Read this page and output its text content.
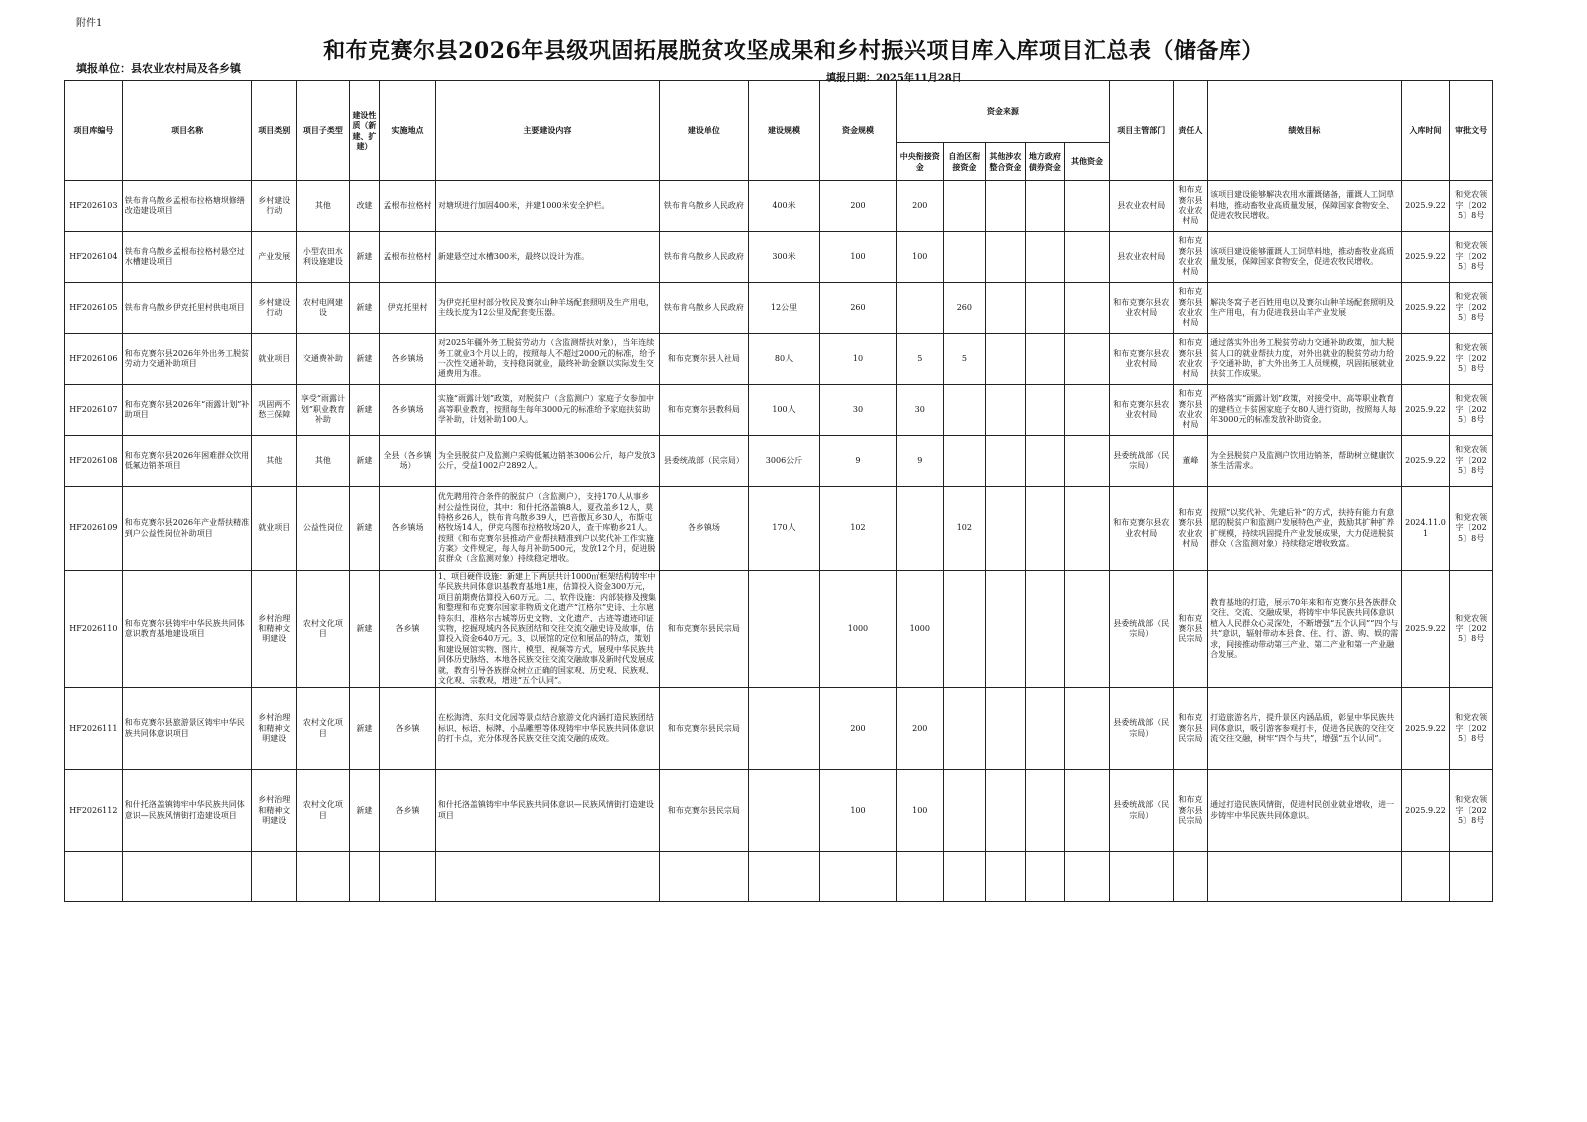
附件1
和布克赛尔县2026年县级巩固拓展脱贫攻坚成果和乡村振兴项目库入库项目汇总表（储备库）
填报单位：县农业农村局及各乡镇
填报日期：2025年11月28日
项目库编号	项目名称	项目类别	项目子类型	建设性质（新建、扩建）	实施地点	主要建设内容	建设单位	建设规模	资金规模	资金来源					项目主管部门	责任人	绩效目标	入库时间	审批文号
										中央衔接资金	自治区衔接资金	其他涉农整合资金	地方政府债券资金	其他资金					
HF2026103	铁布肯乌散乡孟根布拉格塘坝修缮改造建设项目	乡村建设行动	其他	改建	孟根布拉格村	对塘坝进行加固400米，并建1000米安全护栏。	铁布肯乌散乡人民政府	400米	200	200					县农业农村局	和布克赛尔县农业农村局	该项目建设能够解决农用水灌溉储备，灌溉人工饲草料地，推动畜牧业高质量发展，保障国家食物安全、促进农牧民增收。	2025.9.22	和党农领字〔2025〕8号
HF2026104	铁布肯乌散乡孟根布拉格村悬空过水槽建设项目	产业发展	小型农田水利设施建设	新建	孟根布拉格村	新建悬空过水槽300米，最终以设计为准。	铁布肯乌散乡人民政府	300米	100	100					县农业农村局	和布克赛尔县农业农村局	该项目建设能够灌溉人工饲草料地，推动畜牧业高质量发展，保障国家食物安全，促进农牧民增收。	2025.9.22	和党农领字〔2025〕8号
HF2026105	铁布肯乌散乡伊克托里村供电项目	乡村建设行动	农村电网建设	新建	伊克托里村	为伊克托里村部分牧民及赛尔山种羊场配套照明及生产用电，主线长度为12公里及配套变压器。	铁布肯乌散乡人民政府	12公里	260		260				和布克赛尔县农业农村局	和布克赛尔县农业农村局	解决冬窝子老百姓用电以及赛尔山种羊场配套照明及生产用电，有力促进我县山羊产业发展	2025.9.22	和党农领字〔2025〕8号
HF2026106	和布克赛尔县2026年外出务工脱贫劳动力交通补助项目	就业项目	交通费补助	新建	各乡镇场	对2025年疆外务工脱贫劳动力（含监测帮扶对象），当年连续务工就业3个月以上的，按照每人不超过2000元的标准，给予一次性交通补助，支持稳岗就业，最终补助金额以实际发生交通费用为准。	和布克赛尔县人社局	80人	10	5	5				和布克赛尔县农业农村局	和布克赛尔县农业农村局	通过落实外出务工脱贫劳动力交通补助政策，加大脱贫人口的就业帮扶力度，对外出就业的脱贫劳动力给予交通补助，扩大外出务工人员规模，巩固拓展就业扶贫工作成果。	2025.9.22	和党农领字〔2025〕8号
HF2026107	和布克赛尔县2026年“雨露计划”补助项目	巩固两不愁三保障	享受“雨露计划”职业教育补助	新建	各乡镇场	实施“雨露计划”政策，对脱贫户（含监测户）家庭子女参加中高等职业教育，按照每生每年3000元的标准给予家庭扶贫助学补助，计划补助100人。	和布克赛尔县教科局	100人	30	30					和布克赛尔县农业农村局	和布克赛尔县农业农村局	严格落实“雨露计划”政策，对接受中、高等职业教育的建档立卡贫困家庭子女80人进行资助，按照每人每年3000元的标准发放补助资金。	2025.9.22	和党农领字〔2025〕8号
HF2026108	和布克赛尔县2026年困难群众饮用低氟边销茶项目	其他	其他	新建	全县（各乡镇场）	为全县脱贫户及监测户采购低氟边销茶3006公斤，每户发放3公斤，受益1002户2892人。	县委统战部（民宗局）	3006公斤	9	9					县委统战部（民宗局）	董峰	为全县脱贫户及监测户饮用边销茶，帮助树立健康饮茶生活需求。	2025.9.22	和党农领字〔2025〕8号
HF2026109	和布克赛尔县2026年产业帮扶精准到户公益性岗位补助项目	就业项目	公益性岗位	新建	各乡镇场	优先聘用符合条件的脱贫户（含监测户），支持170人从事乡村公益性岗位，其中：和什托洛盖镇8人，夏孜盖乡12人，莫特格乡26人，铁布肯乌散乡39人，巴音傲瓦乡30人，布斯屯格牧场14人，伊克乌图布拉格牧场20人，查干库勒乡21人。按照《和布克赛尔县推动产业帮扶精准到户以奖代补工作实施方案》文件规定，每人每月补助500元，发放12个月，促进脱贫群众（含监测对象）持续稳定增收。	各乡镇场	170人	102		102				和布克赛尔县农业农村局	和布克赛尔县农业农村局	按照“以奖代补、先建后补”的方式，扶持有能力有意愿的脱贫户和监测户发展特色产业，鼓励其扩种扩养扩规模，持续巩固提升产业发展成果，大力促进脱贫群众（含监测对象）持续稳定增收致富。	2024.11.01	和党农领字〔2025〕8号
HF2026110	和布克赛尔县铸牢中华民族共同体意识教育基地建设项目	乡村治理和精神文明建设	农村文化项目	新建	各乡镇	1、项目硬件设施：新建上下两层共计1000㎡框架结构铸牢中华民族共同体意识基教育基地1座，估算投入资金300万元，项目前期费估算投入60万元。二、软件设施：内部装修及搜集和整理和布克赛尔国家非物质文化遗产“江格尔”史诗、土尔扈特东归、准格尔古城等历史文物、文化遗产、古迹等遗迹印证实物，挖掘现域内各民族团结和交往交流交融史诗及故事，估算投入资金640万元。3、以展馆的定位和展品的特点，策划和建设展馆实物、图片、模型、视频等方式，展现中华民族共同体历史脉络、本地各民族交往交流交融故事及新时代发展成就，教育引导各族群众树立正确的国家观、历史观、民族观、文化观、宗教观，增进“五个认同”。	和布克赛尔县民宗局		1000	1000					县委统战部（民宗局）	和布克赛尔县民宗局	教育基地的打造，展示70年来和布克赛尔县各族群众交往、交流、交融成果，将铸牢中华民族共同体意识植入人民群众心灵深处，不断增强“五个认同”“四个与共”意识，辐射带动本县食、住、行、游、购、娱的需求，间接推动带动第三产业、第二产业和第一产业融合发展。	2025.9.22	和党农领字〔2025〕8号
HF2026111	和布克赛尔县旅游景区铸牢中华民族共同体意识项目	乡村治理和精神文明建设	农村文化项目	新建	各乡镇	在松海湾、东归文化园等景点结合旅游文化内涵打造民族团结标识、标语、标牌、小品雕塑等体现铸牢中华民族共同体意识的打卡点，充分体现各民族交往交流交融的成效。	和布克赛尔县民宗局		200	200					县委统战部（民宗局）	和布克赛尔县民宗局	打造旅游名片，提升景区内涵品质，彰显中华民族共同体意识，吸引游客参观打卡，促进各民族的交往交流交往交融，树牢“四个与共”，增强“五个认同”。	2025.9.22	和党农领字〔2025〕8号
HF2026112	和什托洛盖镇铸牢中华民族共同体意识—民族风情街打造建设项目	乡村治理和精神文明建设	农村文化项目	新建	各乡镇	和什托洛盖镇铸牢中华民族共同体意识—民族风情街打造建设项目	和布克赛尔县民宗局		100	100					县委统战部（民宗局）	和布克赛尔县民宗局	通过打造民族风情街，促进村民创业就业增收，进一步铸牢中华民族共同体意识。	2025.9.22	和党农领字〔2025〕8号
